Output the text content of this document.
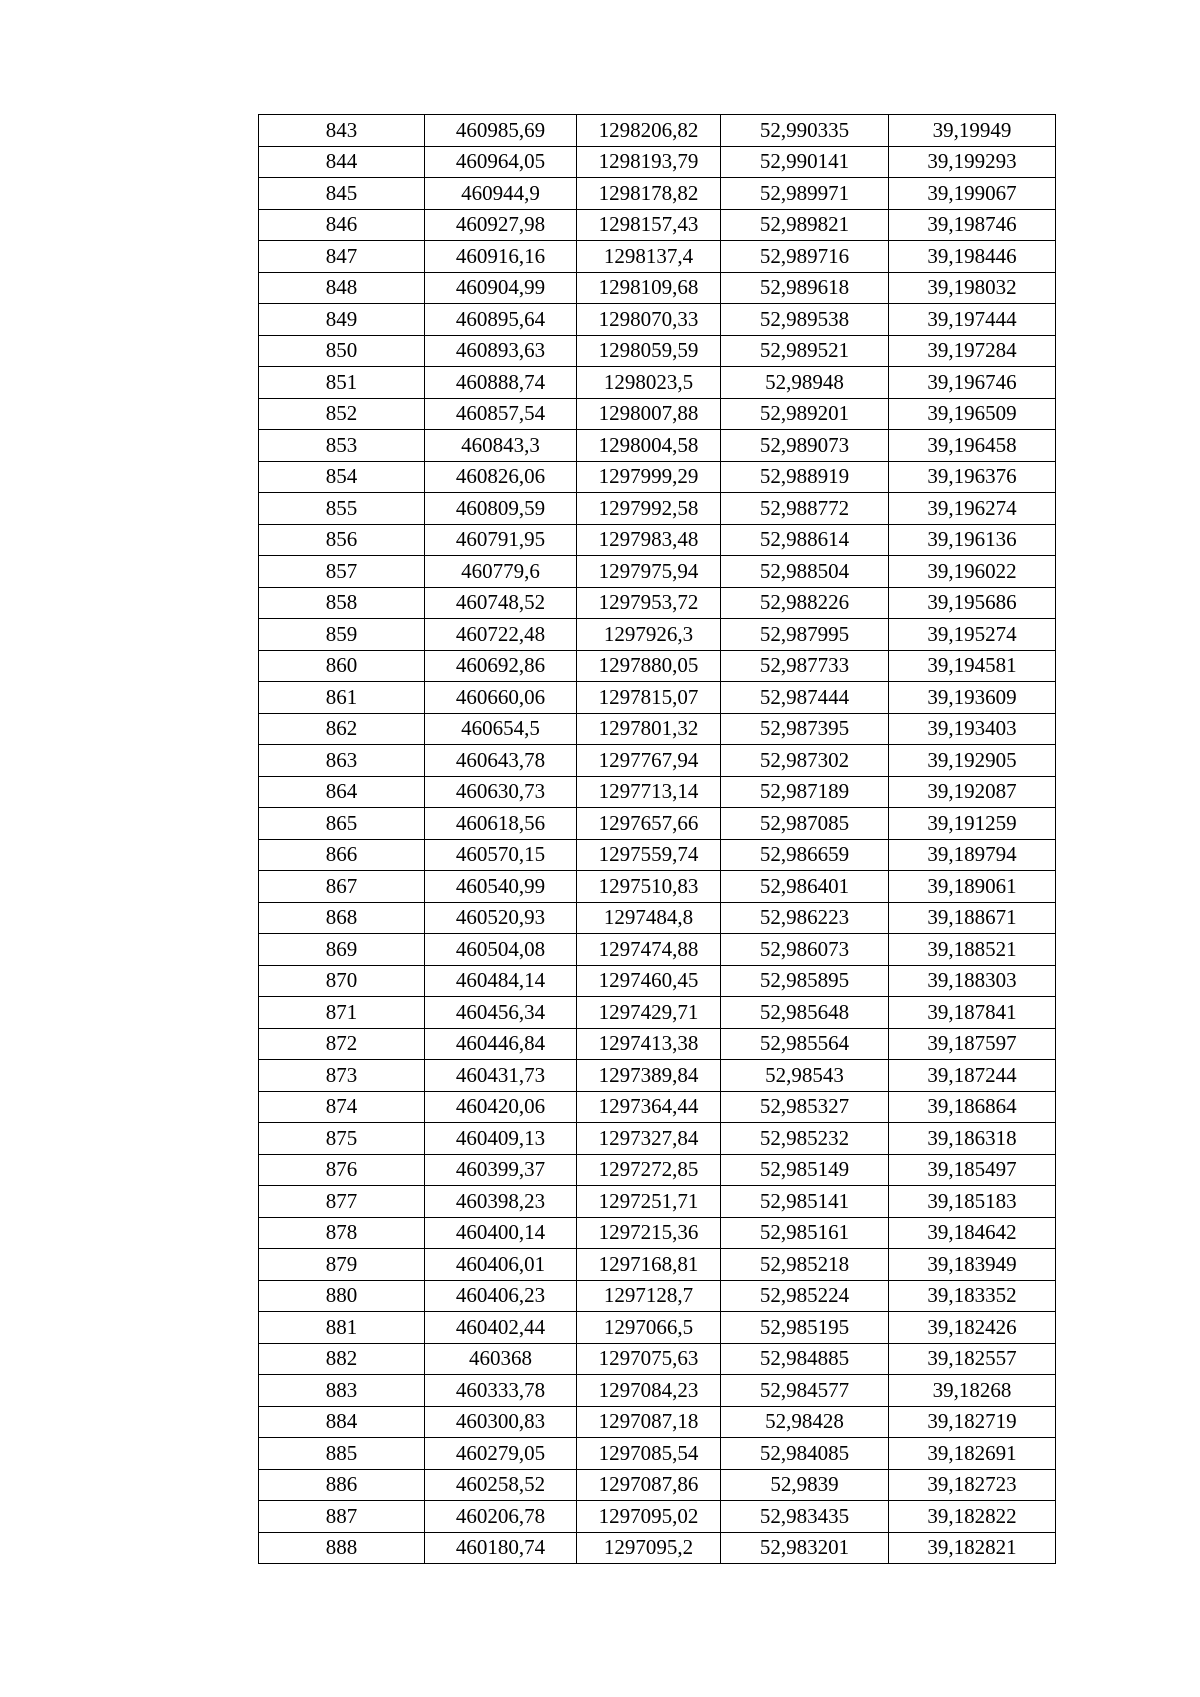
843	460985,69	1298206,82	52,990335	39,19949
844	460964,05	1298193,79	52,990141	39,199293
845	460944,9	1298178,82	52,989971	39,199067
846	460927,98	1298157,43	52,989821	39,198746
847	460916,16	1298137,4	52,989716	39,198446
848	460904,99	1298109,68	52,989618	39,198032
849	460895,64	1298070,33	52,989538	39,197444
850	460893,63	1298059,59	52,989521	39,197284
851	460888,74	1298023,5	52,98948	39,196746
852	460857,54	1298007,88	52,989201	39,196509
853	460843,3	1298004,58	52,989073	39,196458
854	460826,06	1297999,29	52,988919	39,196376
855	460809,59	1297992,58	52,988772	39,196274
856	460791,95	1297983,48	52,988614	39,196136
857	460779,6	1297975,94	52,988504	39,196022
858	460748,52	1297953,72	52,988226	39,195686
859	460722,48	1297926,3	52,987995	39,195274
860	460692,86	1297880,05	52,987733	39,194581
861	460660,06	1297815,07	52,987444	39,193609
862	460654,5	1297801,32	52,987395	39,193403
863	460643,78	1297767,94	52,987302	39,192905
864	460630,73	1297713,14	52,987189	39,192087
865	460618,56	1297657,66	52,987085	39,191259
866	460570,15	1297559,74	52,986659	39,189794
867	460540,99	1297510,83	52,986401	39,189061
868	460520,93	1297484,8	52,986223	39,188671
869	460504,08	1297474,88	52,986073	39,188521
870	460484,14	1297460,45	52,985895	39,188303
871	460456,34	1297429,71	52,985648	39,187841
872	460446,84	1297413,38	52,985564	39,187597
873	460431,73	1297389,84	52,98543	39,187244
874	460420,06	1297364,44	52,985327	39,186864
875	460409,13	1297327,84	52,985232	39,186318
876	460399,37	1297272,85	52,985149	39,185497
877	460398,23	1297251,71	52,985141	39,185183
878	460400,14	1297215,36	52,985161	39,184642
879	460406,01	1297168,81	52,985218	39,183949
880	460406,23	1297128,7	52,985224	39,183352
881	460402,44	1297066,5	52,985195	39,182426
882	460368	1297075,63	52,984885	39,182557
883	460333,78	1297084,23	52,984577	39,18268
884	460300,83	1297087,18	52,98428	39,182719
885	460279,05	1297085,54	52,984085	39,182691
886	460258,52	1297087,86	52,9839	39,182723
887	460206,78	1297095,02	52,983435	39,182822
888	460180,74	1297095,2	52,983201	39,182821
